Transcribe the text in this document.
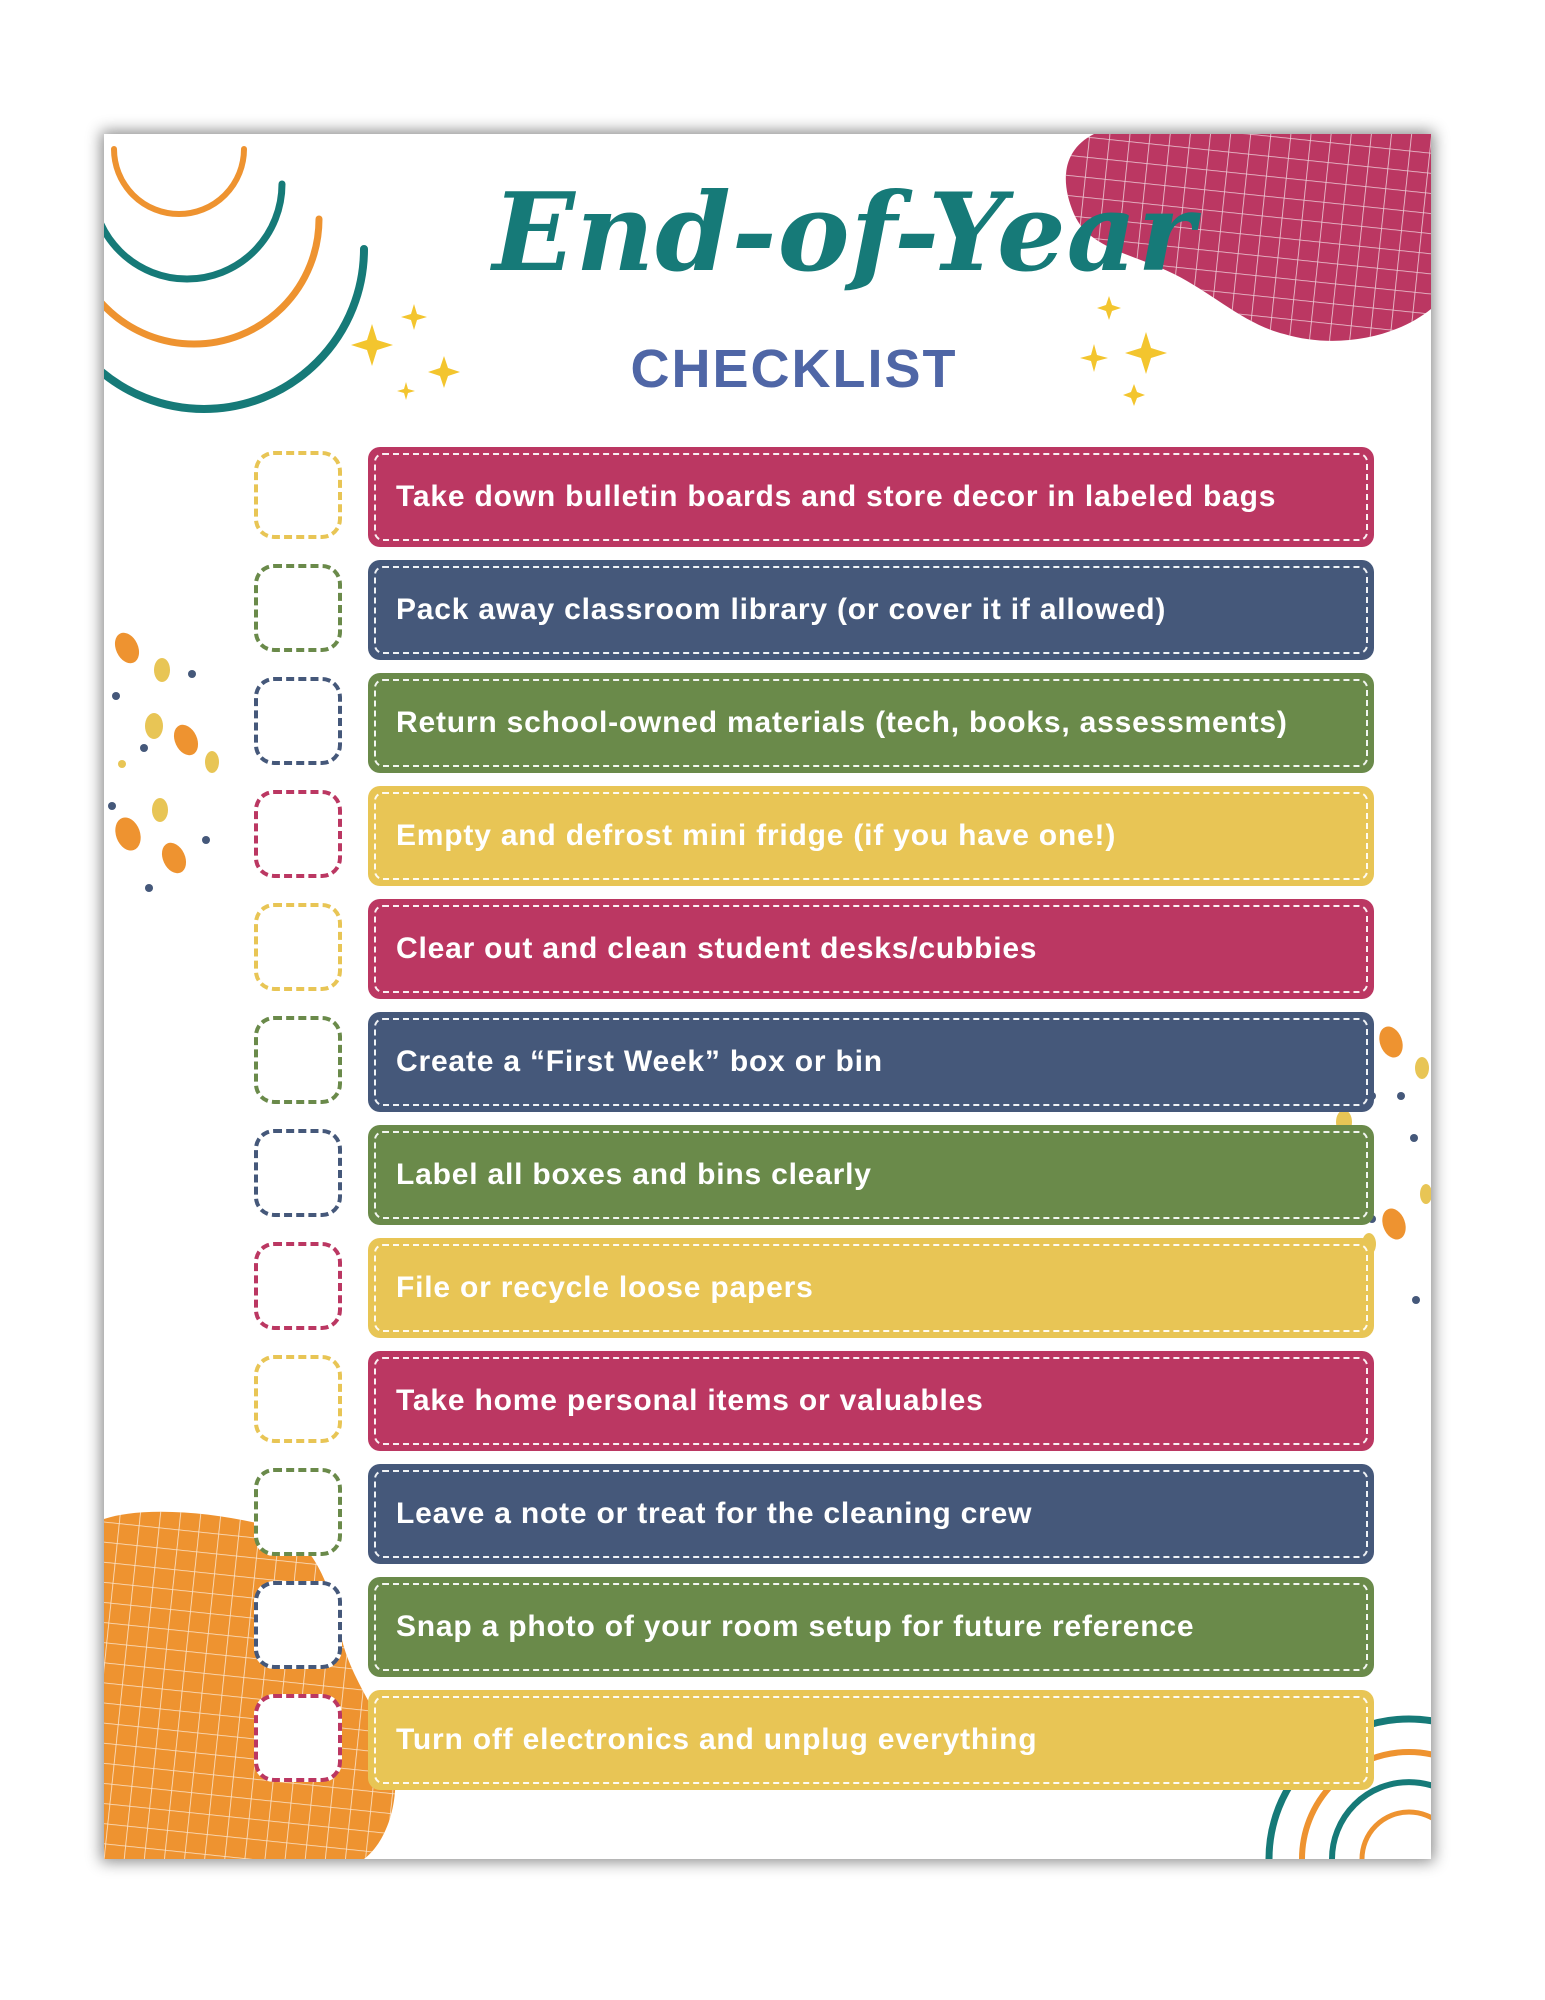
End-of-Year
CHECKLIST
Take down bulletin boards and store decor in labeled bags
Pack away classroom library (or cover it if allowed)
Return school-owned materials (tech, books, assessments)
Empty and defrost mini fridge (if you have one!)
Clear out and clean student desks/cubbies
Create a “First Week” box or bin
Label all boxes and bins clearly
File or recycle loose papers
Take home personal items or valuables
Leave a note or treat for the cleaning crew
Snap a photo of your room setup for future reference
Turn off electronics and unplug everything
